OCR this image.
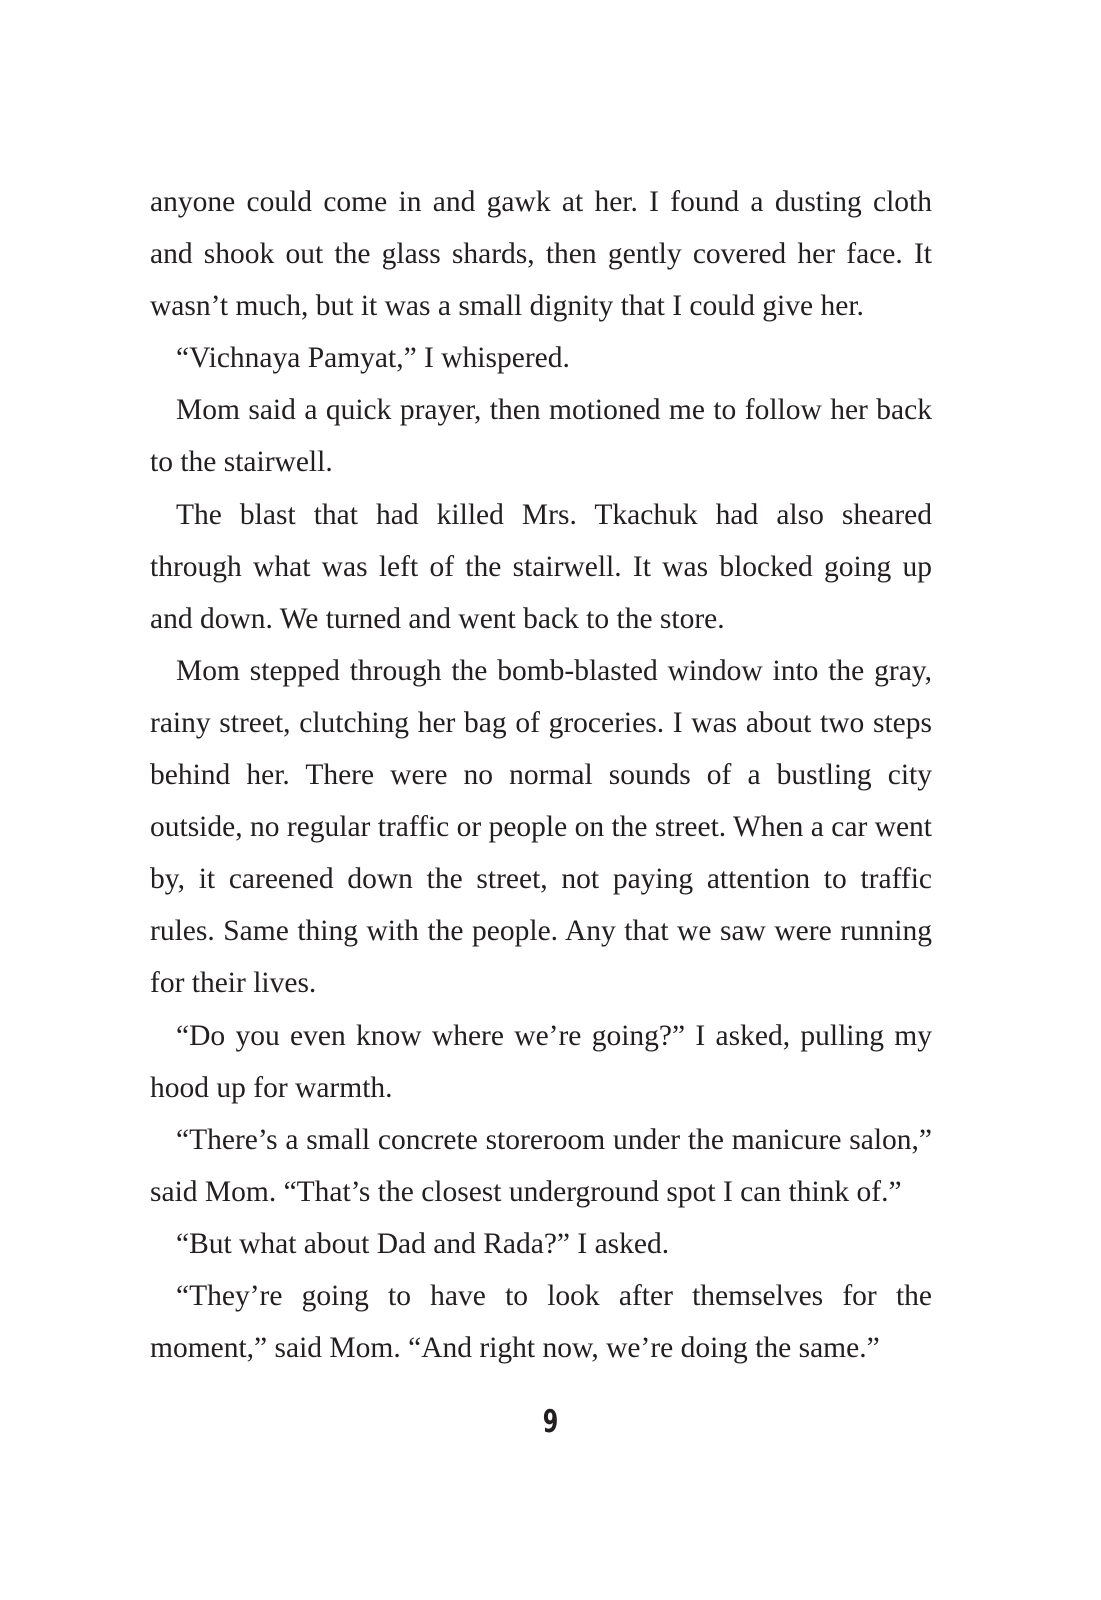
anyone could come in and gawk at her. I found a dusting cloth and shook out the glass shards, then gently covered her face. It wasn’t much, but it was a small dignity that I could give her.

“Vichnaya Pamyat,” I whispered.

Mom said a quick prayer, then motioned me to follow her back to the stairwell.

The blast that had killed Mrs. Tkachuk had also sheared through what was left of the stairwell. It was blocked going up and down. We turned and went back to the store.

Mom stepped through the bomb-blasted window into the gray, rainy street, clutching her bag of groceries. I was about two steps behind her. There were no normal sounds of a bustling city outside, no regular traffic or people on the street. When a car went by, it careened down the street, not paying attention to traffic rules. Same thing with the people. Any that we saw were running for their lives.

“Do you even know where we’re going?” I asked, pulling my hood up for warmth.

“There’s a small concrete storeroom under the manicure salon,” said Mom. “That’s the closest underground spot I can think of.”

“But what about Dad and Rada?” I asked.

“They’re going to have to look after themselves for the moment,” said Mom. “And right now, we’re doing the same.”

9
